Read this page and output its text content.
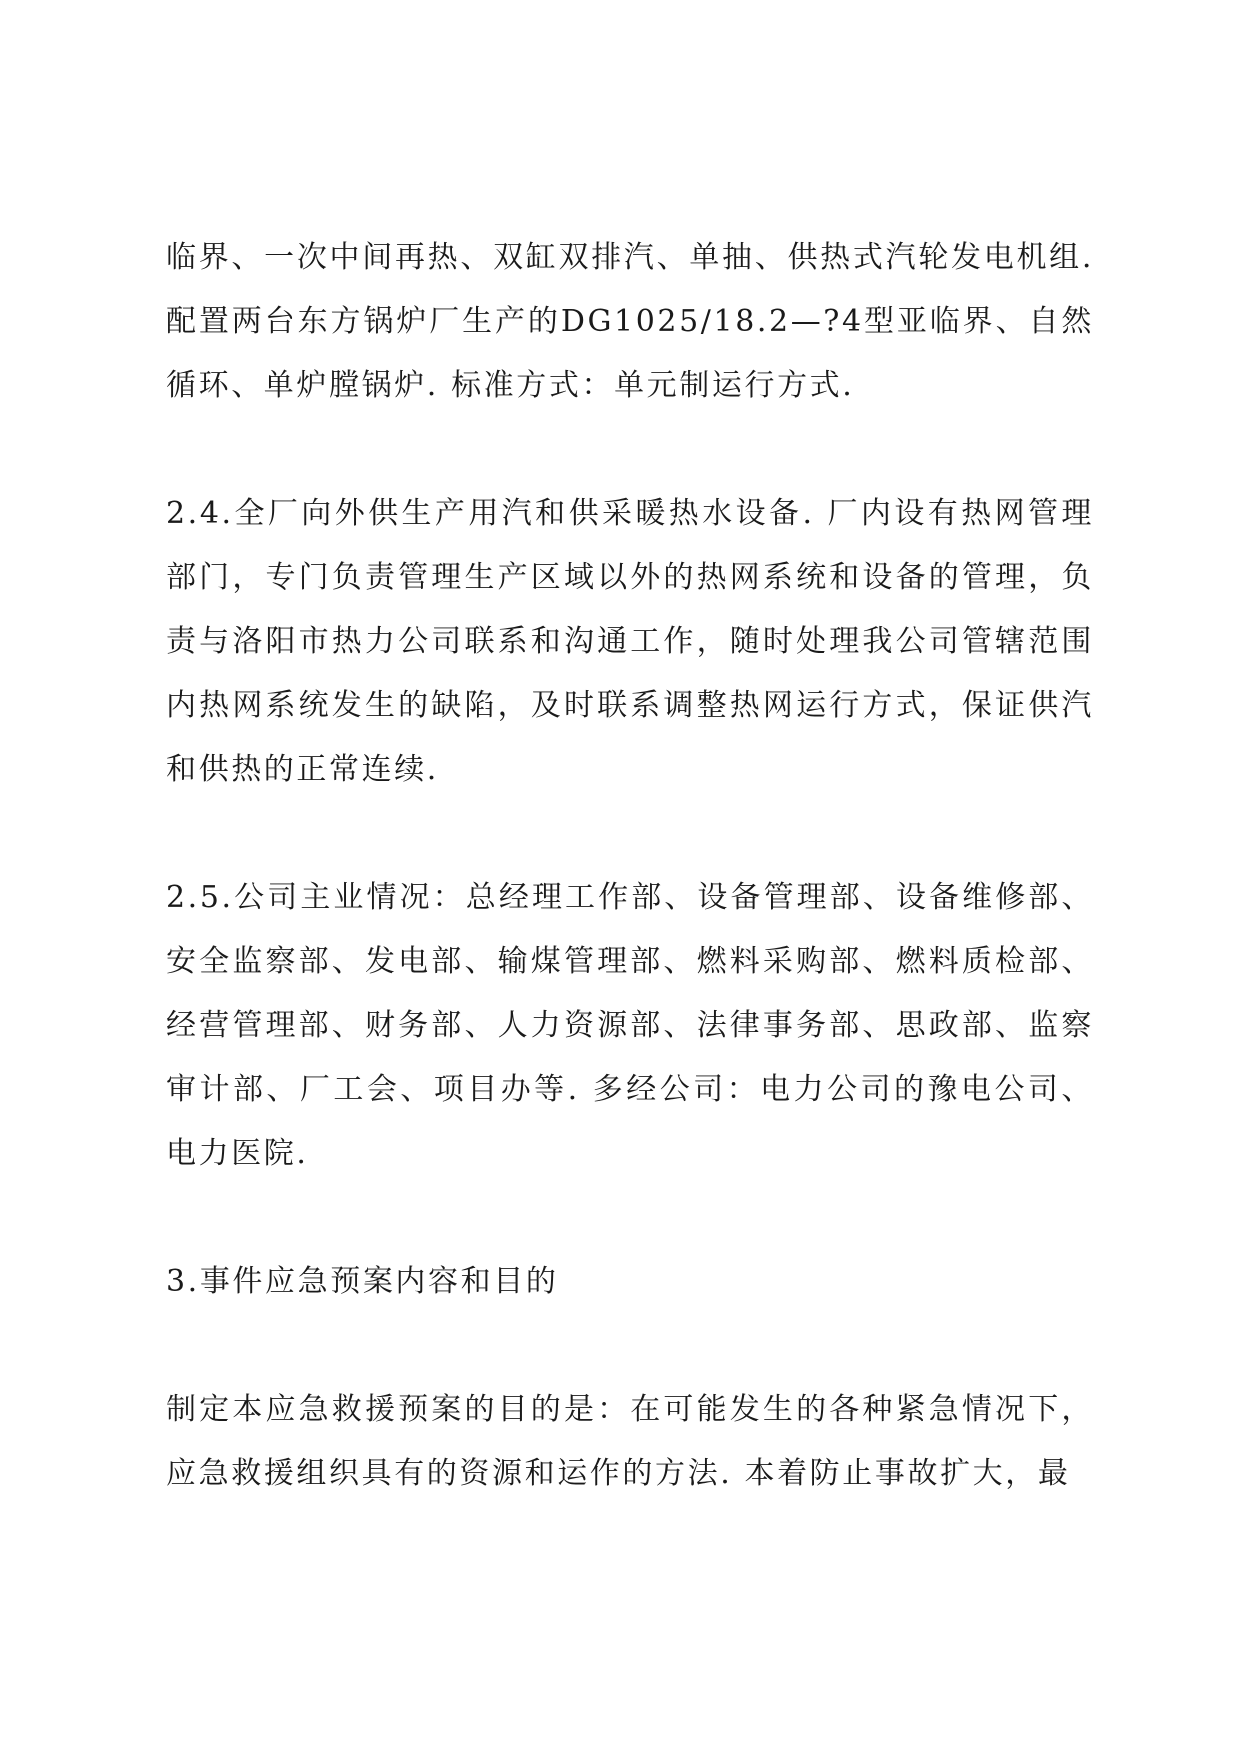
临界、一次中间再热、双缸双排汽、单抽、供热式汽轮发电机组. 配置两台东方锅炉厂生产的DG1025/18.2—?4型亚临界、自然循环、单炉膛锅炉. 标准方式：单元制运行方式.

2.4.全厂向外供生产用汽和供采暖热水设备. 厂内设有热网管理部门，专门负责管理生产区域以外的热网系统和设备的管理，负责与洛阳市热力公司联系和沟通工作，随时处理我公司管辖范围内热网系统发生的缺陷，及时联系调整热网运行方式，保证供汽和供热的正常连续.

2.5.公司主业情况：总经理工作部、设备管理部、设备维修部、安全监察部、发电部、输煤管理部、燃料采购部、燃料质检部、经营管理部、财务部、人力资源部、法律事务部、思政部、监察审计部、厂工会、项目办等. 多经公司：电力公司的豫电公司、电力医院.

3.事件应急预案内容和目的

制定本应急救援预案的目的是：在可能发生的各种紧急情况下，应急救援组织具有的资源和运作的方法. 本着防止事故扩大，最
